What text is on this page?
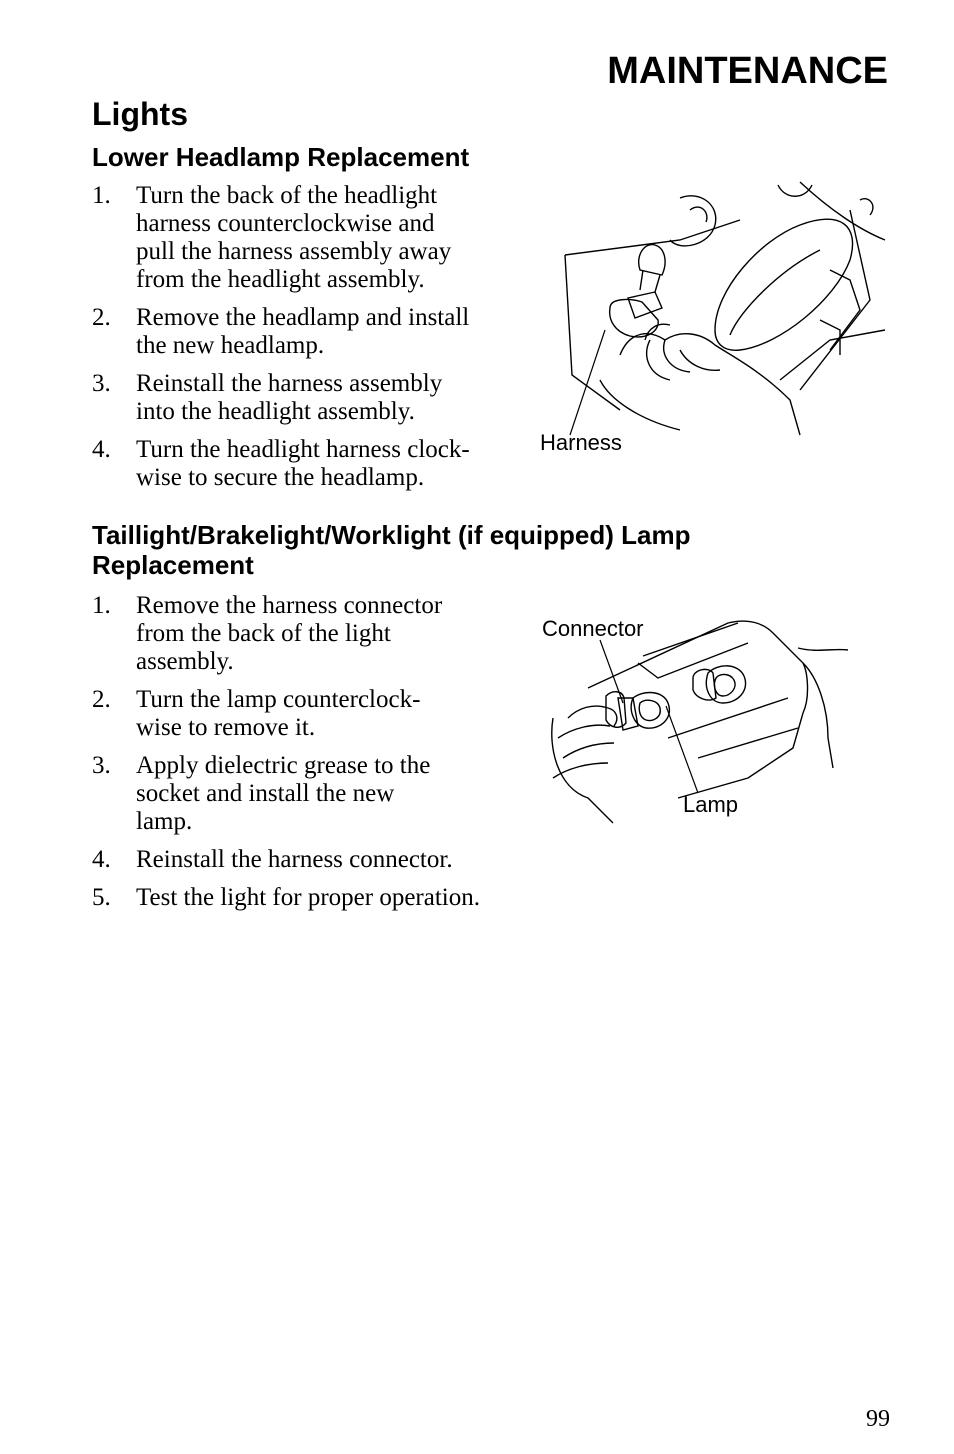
MAINTENANCE
Lights
Lower Headlamp Replacement
1. Turn the back of the headlight
harness counterclockwise and
pull the harness assembly away
from the headlight assembly.
2. Remove the headlamp and install
the new headlamp.
3. Reinstall the harness assembly
into the headlight assembly.
4. Turn the headlight harness clock-
wise to secure the headlamp.
Harness
Taillight/Brakelight/Worklight (if equipped) Lamp
Replacement
1. Remove the harness connector
from the back of the light
assembly.
2. Turn the lamp counterclock-
wise to remove it.
3. Apply dielectric grease to the
socket and install the new
lamp.
4. Reinstall the harness connector.
5. Test the light for proper operation.
Connector
Lamp
99
